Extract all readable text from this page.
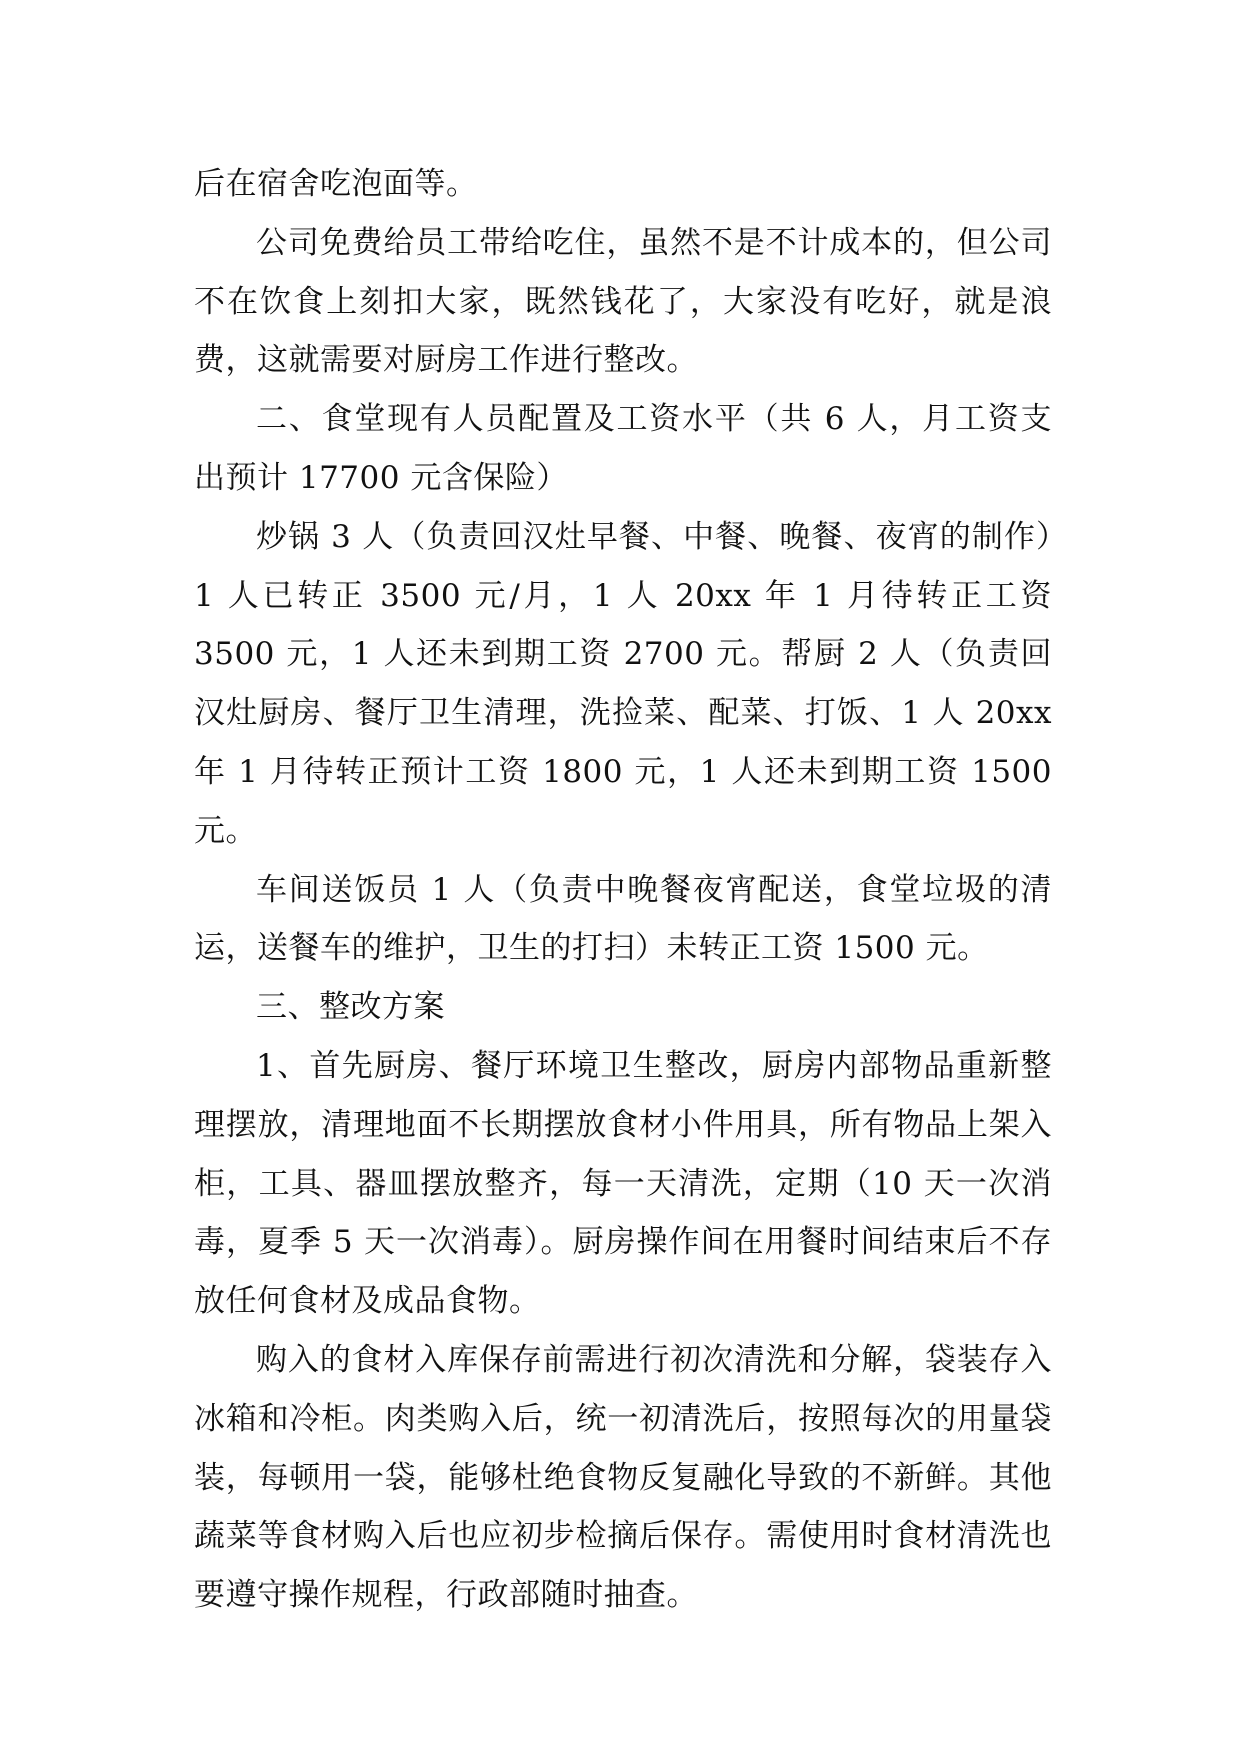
后在宿舍吃泡面等。

公司免费给员工带给吃住，虽然不是不计成本的，但公司不在饮食上刻扣大家，既然钱花了，大家没有吃好，就是浪费，这就需要对厨房工作进行整改。

二、食堂现有人员配置及工资水平（共 6 人，月工资支出预计 17700 元含保险）

炒锅 3 人（负责回汉灶早餐、中餐、晚餐、夜宵的制作）1 人已转正 3500 元/月，1 人 20xx 年 1 月待转正工资 3500 元，1 人还未到期工资 2700 元。帮厨 2 人（负责回汉灶厨房、餐厅卫生清理，洗捡菜、配菜、打饭、1 人 20xx 年 1 月待转正预计工资 1800 元，1 人还未到期工资 1500 元。

车间送饭员 1 人（负责中晚餐夜宵配送，食堂垃圾的清运，送餐车的维护，卫生的打扫）未转正工资 1500 元。

三、整改方案

1、首先厨房、餐厅环境卫生整改，厨房内部物品重新整理摆放，清理地面不长期摆放食材小件用具，所有物品上架入柜，工具、器皿摆放整齐，每一天清洗，定期（10 天一次消毒，夏季 5 天一次消毒）。厨房操作间在用餐时间结束后不存放任何食材及成品食物。

购入的食材入库保存前需进行初次清洗和分解，袋装存入冰箱和冷柜。肉类购入后，统一初清洗后，按照每次的用量袋装，每顿用一袋，能够杜绝食物反复融化导致的不新鲜。其他蔬菜等食材购入后也应初步检摘后保存。需使用时食材清洗也要遵守操作规程，行政部随时抽查。
